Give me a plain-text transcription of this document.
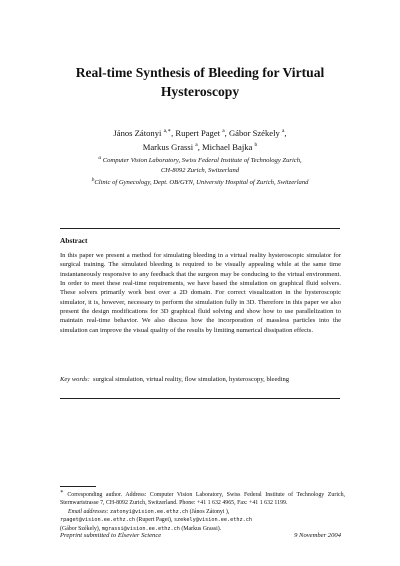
Real-time Synthesis of Bleeding for Virtual Hysteroscopy
János Zátonyi $^{a,∗}$, Rupert Paget $^a$, Gábor Székely $^a$,
Markus Grassi $^a$, Michael Bajka $^b$
$^a$ Computer Vision Laboratory, Swiss Federal Institute of Technology Zurich,
CH-8092 Zurich, Switzerland
$^b$Clinic of Gynecology, Dept. OB/GYN, University Hospital of Zurich, Switzerland
Abstract
In this paper we present a method for simulating bleeding in a virtual reality hysteroscopic simulator for surgical training. The simulated bleeding is required to be visually appealing while at the same time instantaneously responsive to any feedback that the surgeon may be conducing to the virtual environment. In order to meet these real-time requirements, we have based the simulation on graphical fluid solvers. These solvers primarily work best over a 2D domain. For correct visualization in the hysteroscopic simulator, it is, however, necessary to perform the simulation fully in 3D. Therefore in this paper we also present the design modifications for 3D graphical fluid solving and show how to use parallelization to maintain real-time behavior. We also discuss how the incorporation of massless particles into the simulation can improve the visual quality of the results by limiting numerical dissipation effects.
Key words: surgical simulation, virtual reality, flow simulation, hysteroscopy, bleeding
∗ Corresponding author. Address: Computer Vision Laboratory, Swiss Federal Institute of Technology Zurich, Sternwartstrasse 7, CH-8092 Zurich, Switzerland. Phone: +41 1 632 4965, Fax: +41 1 632 1199.
Email addresses: zatonyi@vision.ee.ethz.ch (János Zátonyi ),
rpaget@vision.ee.ethz.ch (Rupert Paget), szekely@vision.ee.ethz.ch
(Gábor Székely), mgrassi@vision.ee.ethz.ch (Markus Grassi).
Preprint submitted to Elsevier Science	9 November 2004
